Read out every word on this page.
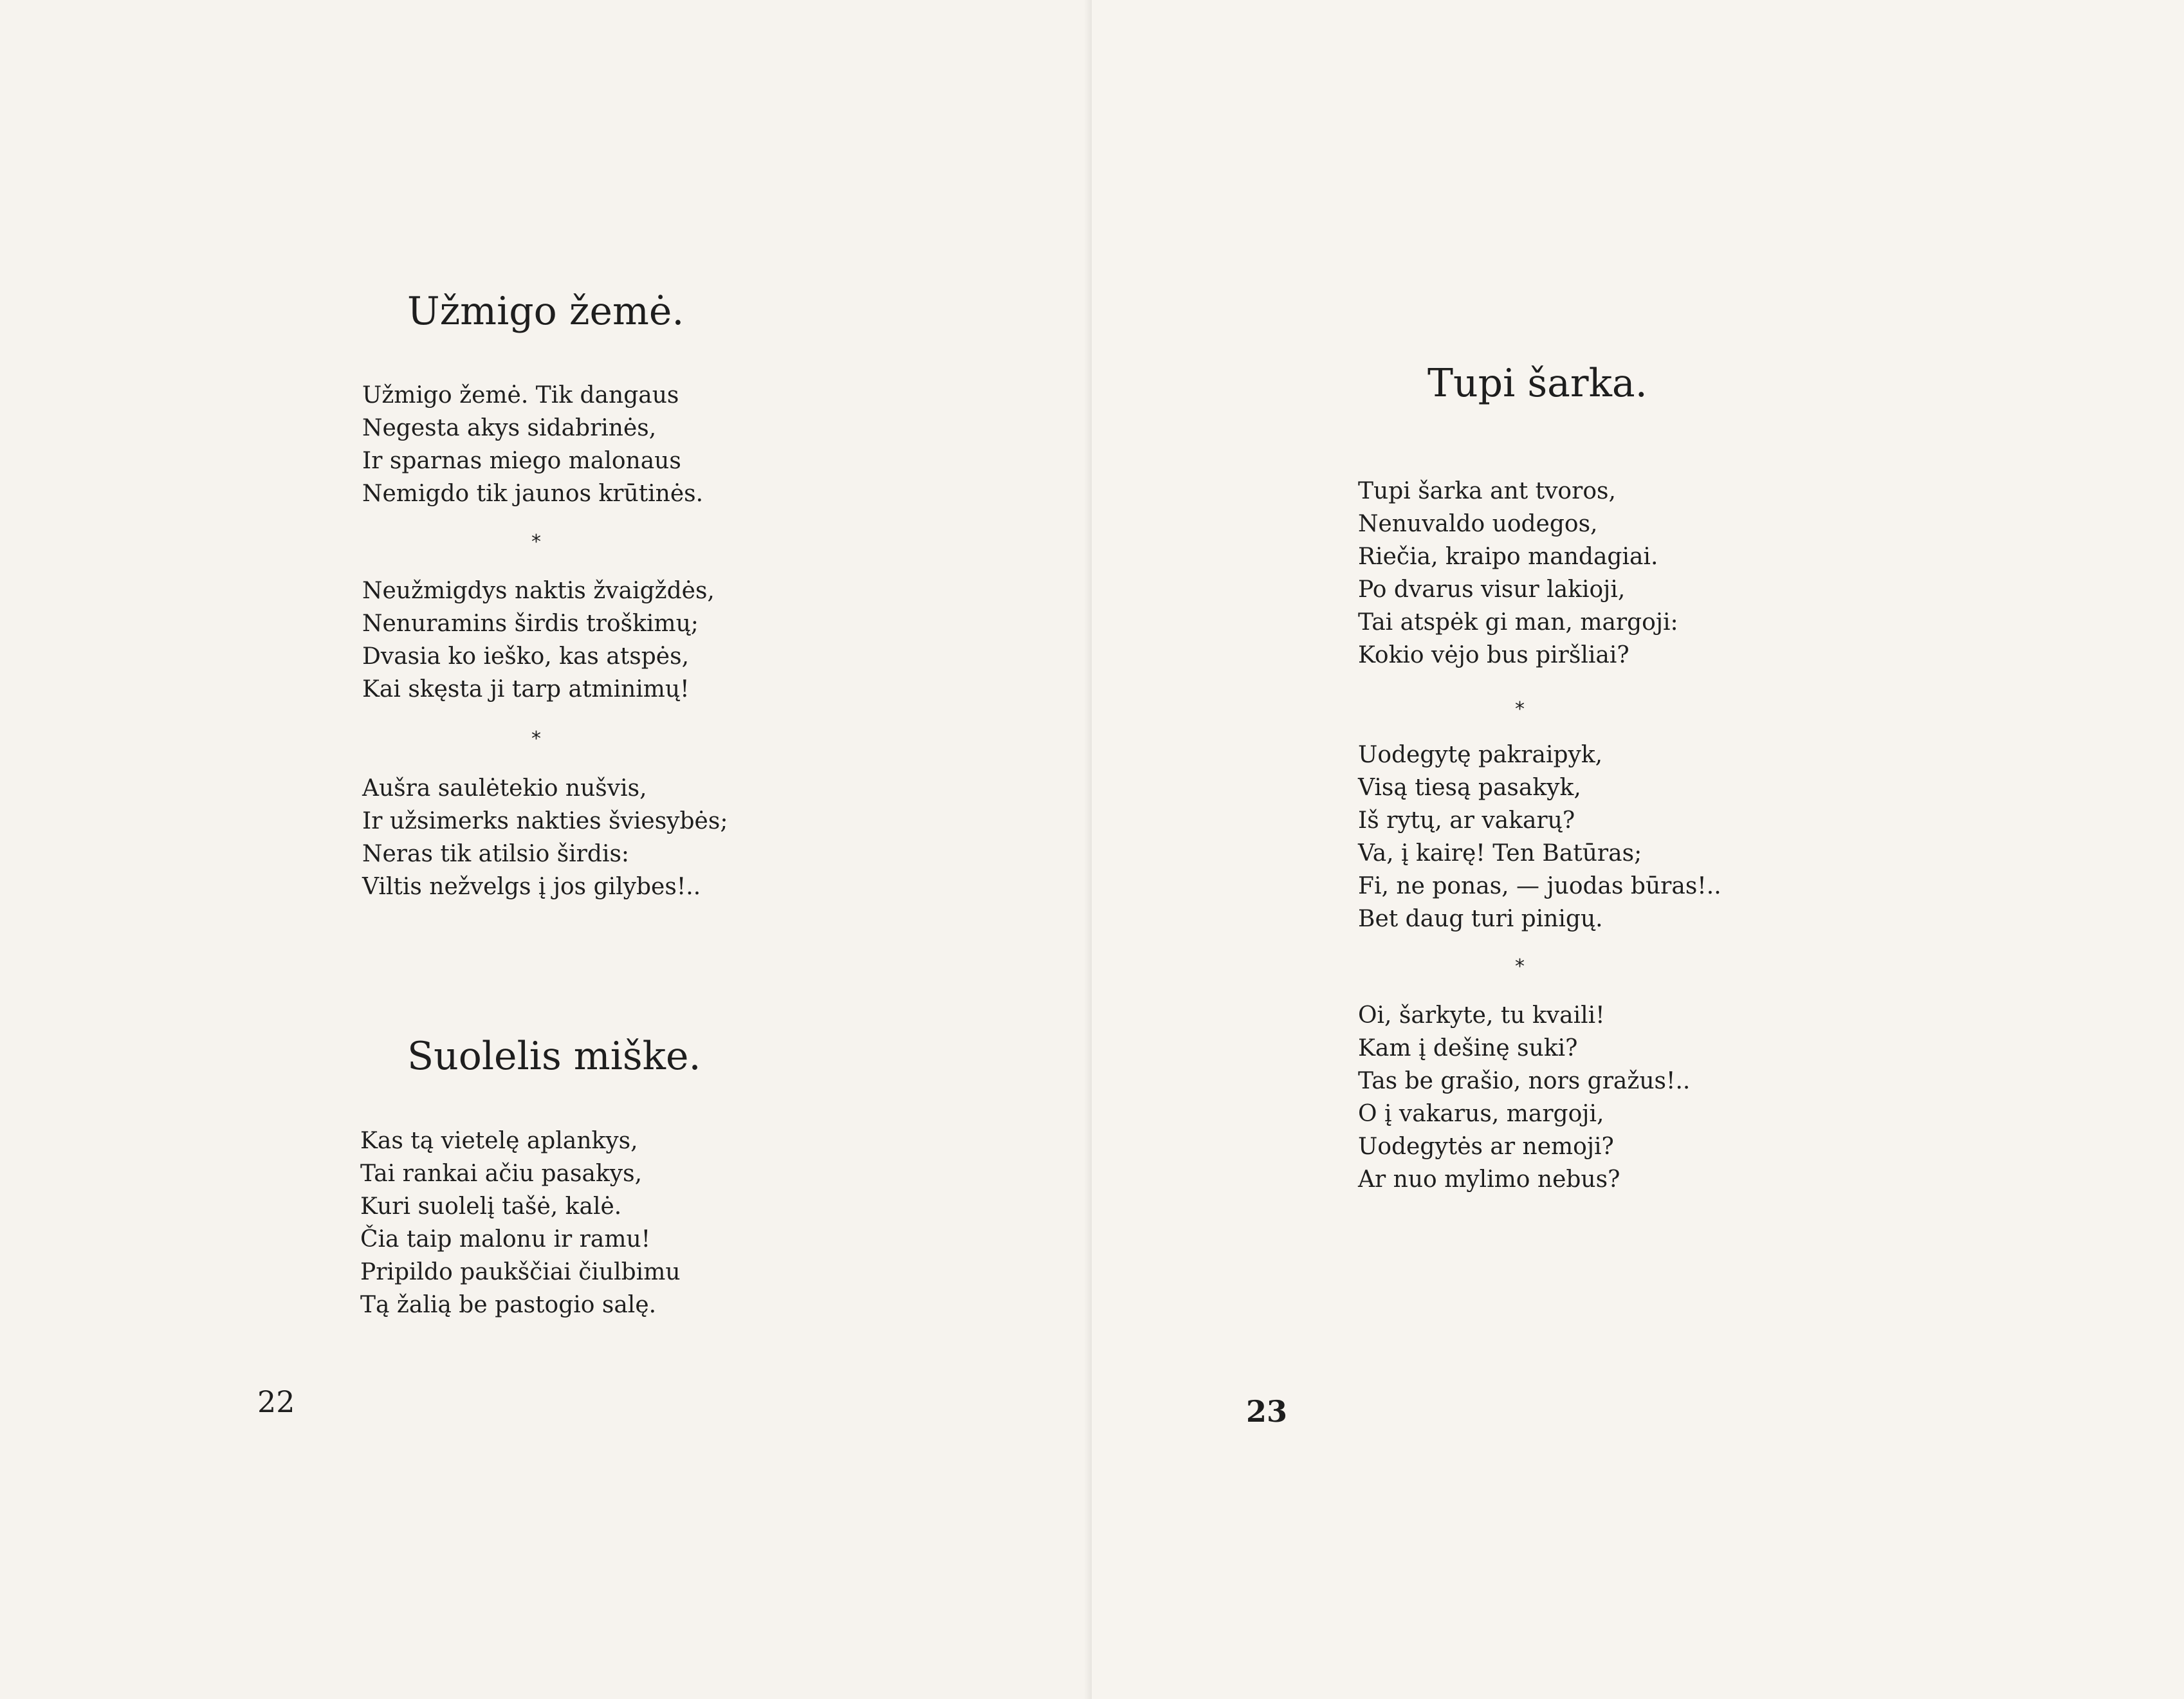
Užmigo žemė.
Užmigo žemė. Tik dangaus
Negesta akys sidabrinės,
Ir sparnas miego malonaus
Nemigdo tik jaunos krūtinės.
*
Neužmigdys naktis žvaigždės,
Nenuramins širdis troškimų;
Dvasia ko ieško, kas atspės,
Kai skęsta ji tarp atminimų!
*
Aušra saulėtekio nušvis,
Ir užsimerks nakties šviesybės;
Neras tik atilsio širdis:
Viltis nežvelgs į jos gilybes!..
Suolelis miške.
Kas tą vietelę aplankys,
Tai rankai ačiu pasakys,
Kuri suolelį tašė, kalė.
Čia taip malonu ir ramu!
Pripildo paukščiai čiulbimu
Tą žalią be pastogio salę.
22
Tupi šarka.
Tupi šarka ant tvoros,
Nenuvaldo uodegos,
Riečia, kraipo mandagiai.
Po dvarus visur lakioji,
Tai atspėk gi man, margoji:
Kokio vėjo bus piršliai?
*
Uodegytę pakraipyk,
Visą tiesą pasakyk,
Iš rytų, ar vakarų?
Va, į kairę! Ten Batūras;
Fi, ne ponas, — juodas būras!..
Bet daug turi pinigų.
*
Oi, šarkyte, tu kvaili!
Kam į dešinę suki?
Tas be grašio, nors gražus!..
O į vakarus, margoji,
Uodegytės ar nemoji?
Ar nuo mylimo nebus?
23
